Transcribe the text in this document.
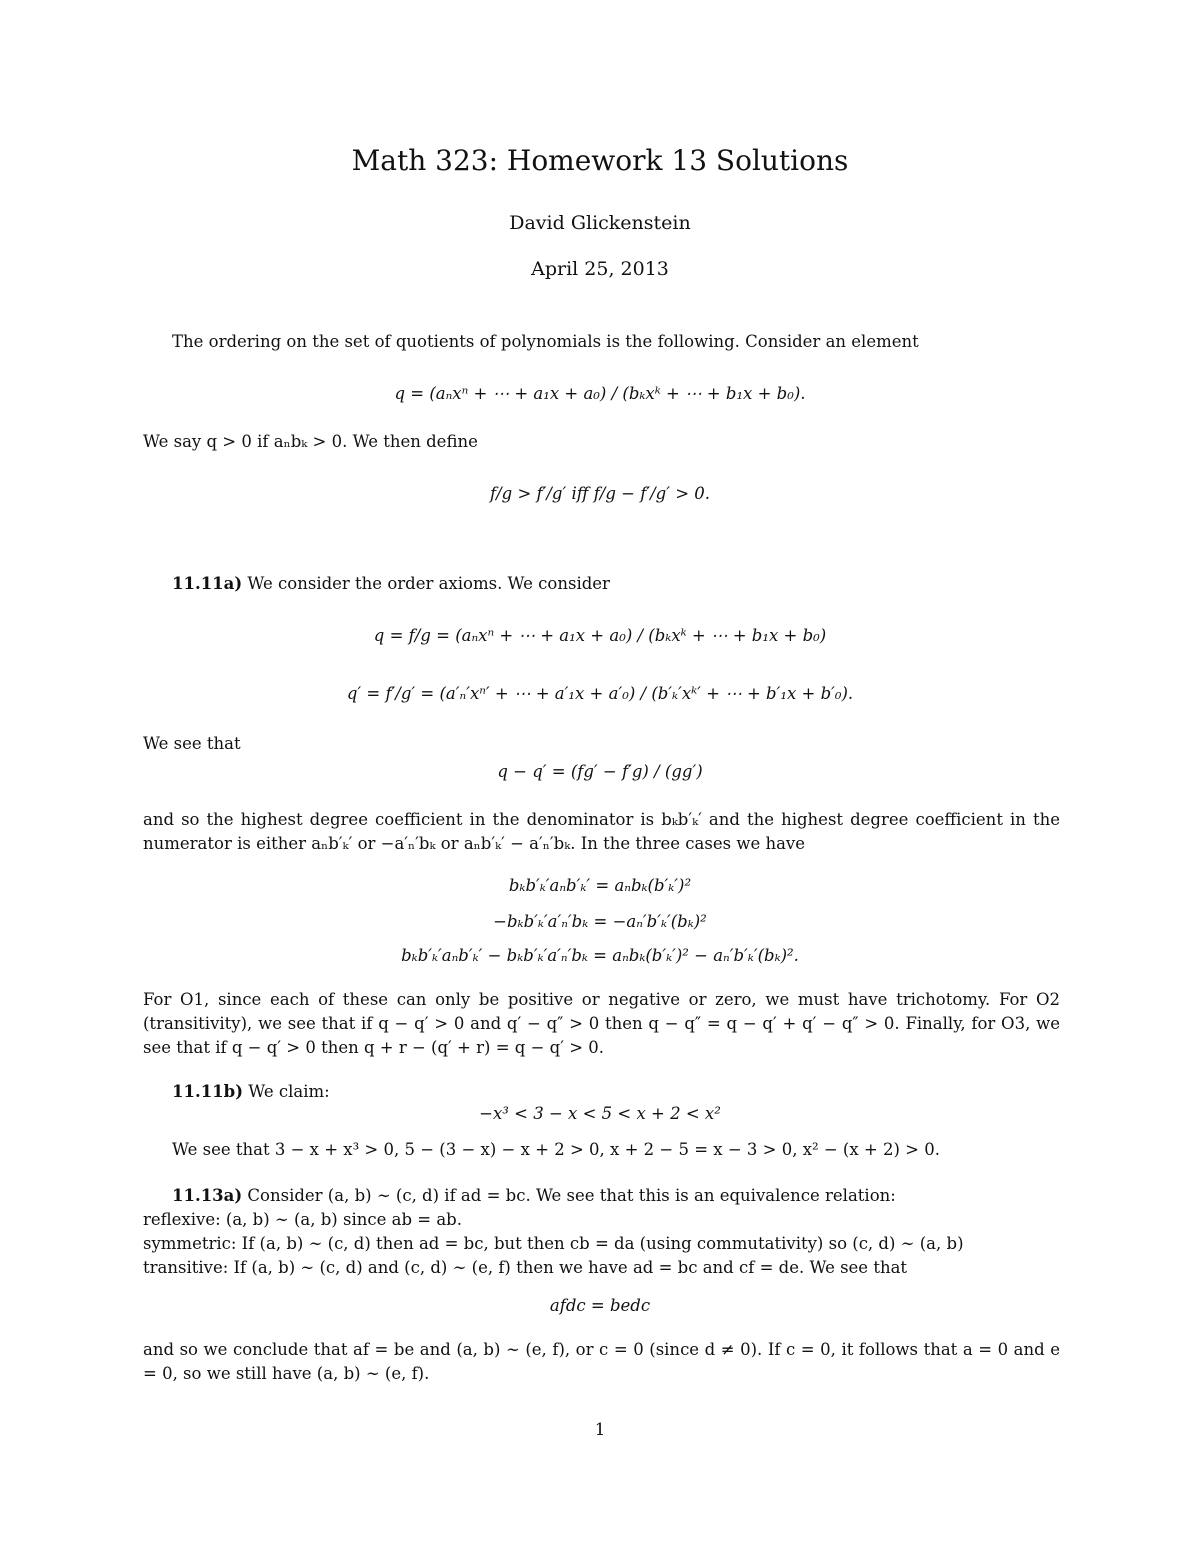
Math 323: Homework 13 Solutions
David Glickenstein
April 25, 2013
The ordering on the set of quotients of polynomials is the following. Consider an element
q = (aₙxⁿ + ⋯ + a₁x + a₀) / (bₖxᵏ + ⋯ + b₁x + b₀).
We say q > 0 if aₙbₖ > 0. We then define
f/g > f′/g′ iff f/g − f′/g′ > 0.
11.11a) We consider the order axioms. We consider
q = f/g = (aₙxⁿ + ⋯ + a₁x + a₀) / (bₖxᵏ + ⋯ + b₁x + b₀)
q′ = f′/g′ = (a′ₙ′xⁿ′ + ⋯ + a′₁x + a′₀) / (b′ₖ′xᵏ′ + ⋯ + b′₁x + b′₀).
We see that
q − q′ = (fg′ − f′g) / (gg′)
and so the highest degree coefficient in the denominator is bₖb′ₖ′ and the highest degree coefficient in the numerator is either aₙb′ₖ′ or −a′ₙ′bₖ or aₙb′ₖ′ − a′ₙ′bₖ. In the three cases we have
bₖb′ₖ′aₙb′ₖ′ = aₙbₖ(b′ₖ′)²
−bₖb′ₖ′a′ₙ′bₖ = −aₙ′b′ₖ′(bₖ)²
bₖb′ₖ′aₙb′ₖ′ − bₖb′ₖ′a′ₙ′bₖ = aₙbₖ(b′ₖ′)² − aₙ′b′ₖ′(bₖ)².
For O1, since each of these can only be positive or negative or zero, we must have trichotomy. For O2 (transitivity), we see that if q − q′ > 0 and q′ − q″ > 0 then q − q″ = q − q′ + q′ − q″ > 0. Finally, for O3, we see that if q − q′ > 0 then q + r − (q′ + r) = q − q′ > 0.
11.11b) We claim:
−x³ < 3 − x < 5 < x + 2 < x²
We see that 3 − x + x³ > 0, 5 − (3 − x) − x + 2 > 0, x + 2 − 5 = x − 3 > 0, x² − (x + 2) > 0.
11.13a) Consider (a, b) ∼ (c, d) if ad = bc. We see that this is an equivalence relation:
reflexive: (a, b) ∼ (a, b) since ab = ab.
symmetric: If (a, b) ∼ (c, d) then ad = bc, but then cb = da (using commutativity) so (c, d) ∼ (a, b)
transitive: If (a, b) ∼ (c, d) and (c, d) ∼ (e, f) then we have ad = bc and cf = de. We see that
afdc = bedc
and so we conclude that af = be and (a, b) ∼ (e, f), or c = 0 (since d ≠ 0). If c = 0, it follows that a = 0 and e = 0, so we still have (a, b) ∼ (e, f).
1
